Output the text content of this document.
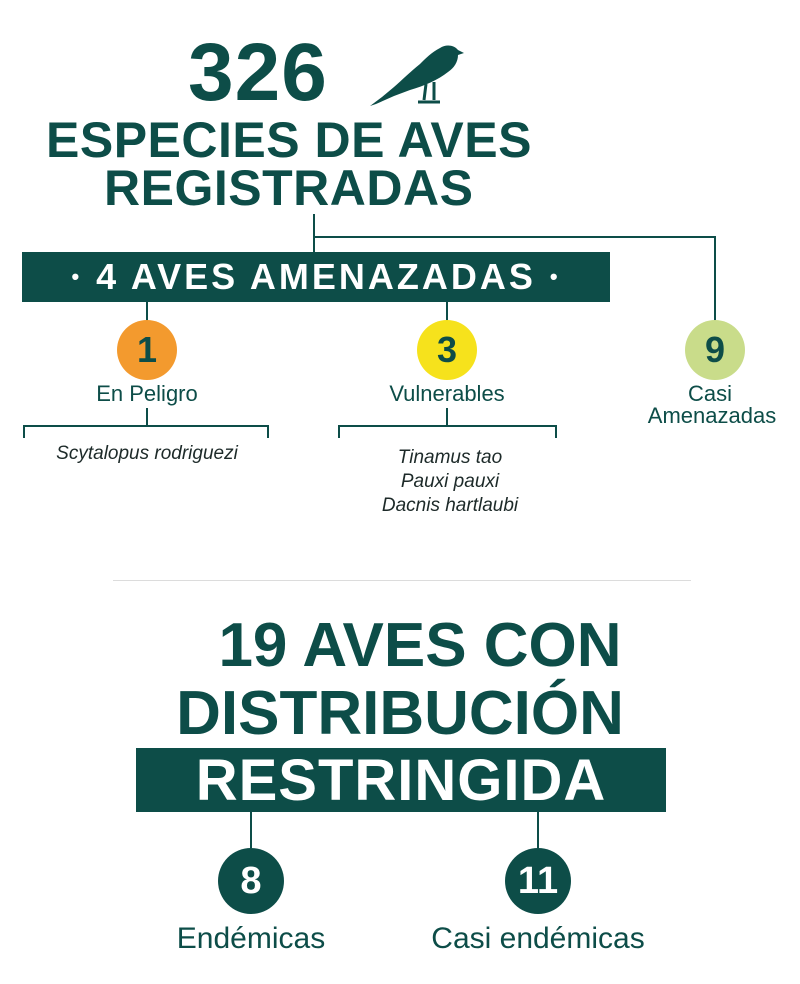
326
ESPECIES DE AVES
REGISTRADAS
• 4 AVES AMENAZADAS •
1
En Peligro
Scytalopus rodriguezi
3
Vulnerables
Tinamus tao
Pauxi pauxi
Dacnis hartlaubi
9
Casi
Amenazadas
19 AVES CON
DISTRIBUCIÓN
RESTRINGIDA
8
Endémicas
11
Casi endémicas
